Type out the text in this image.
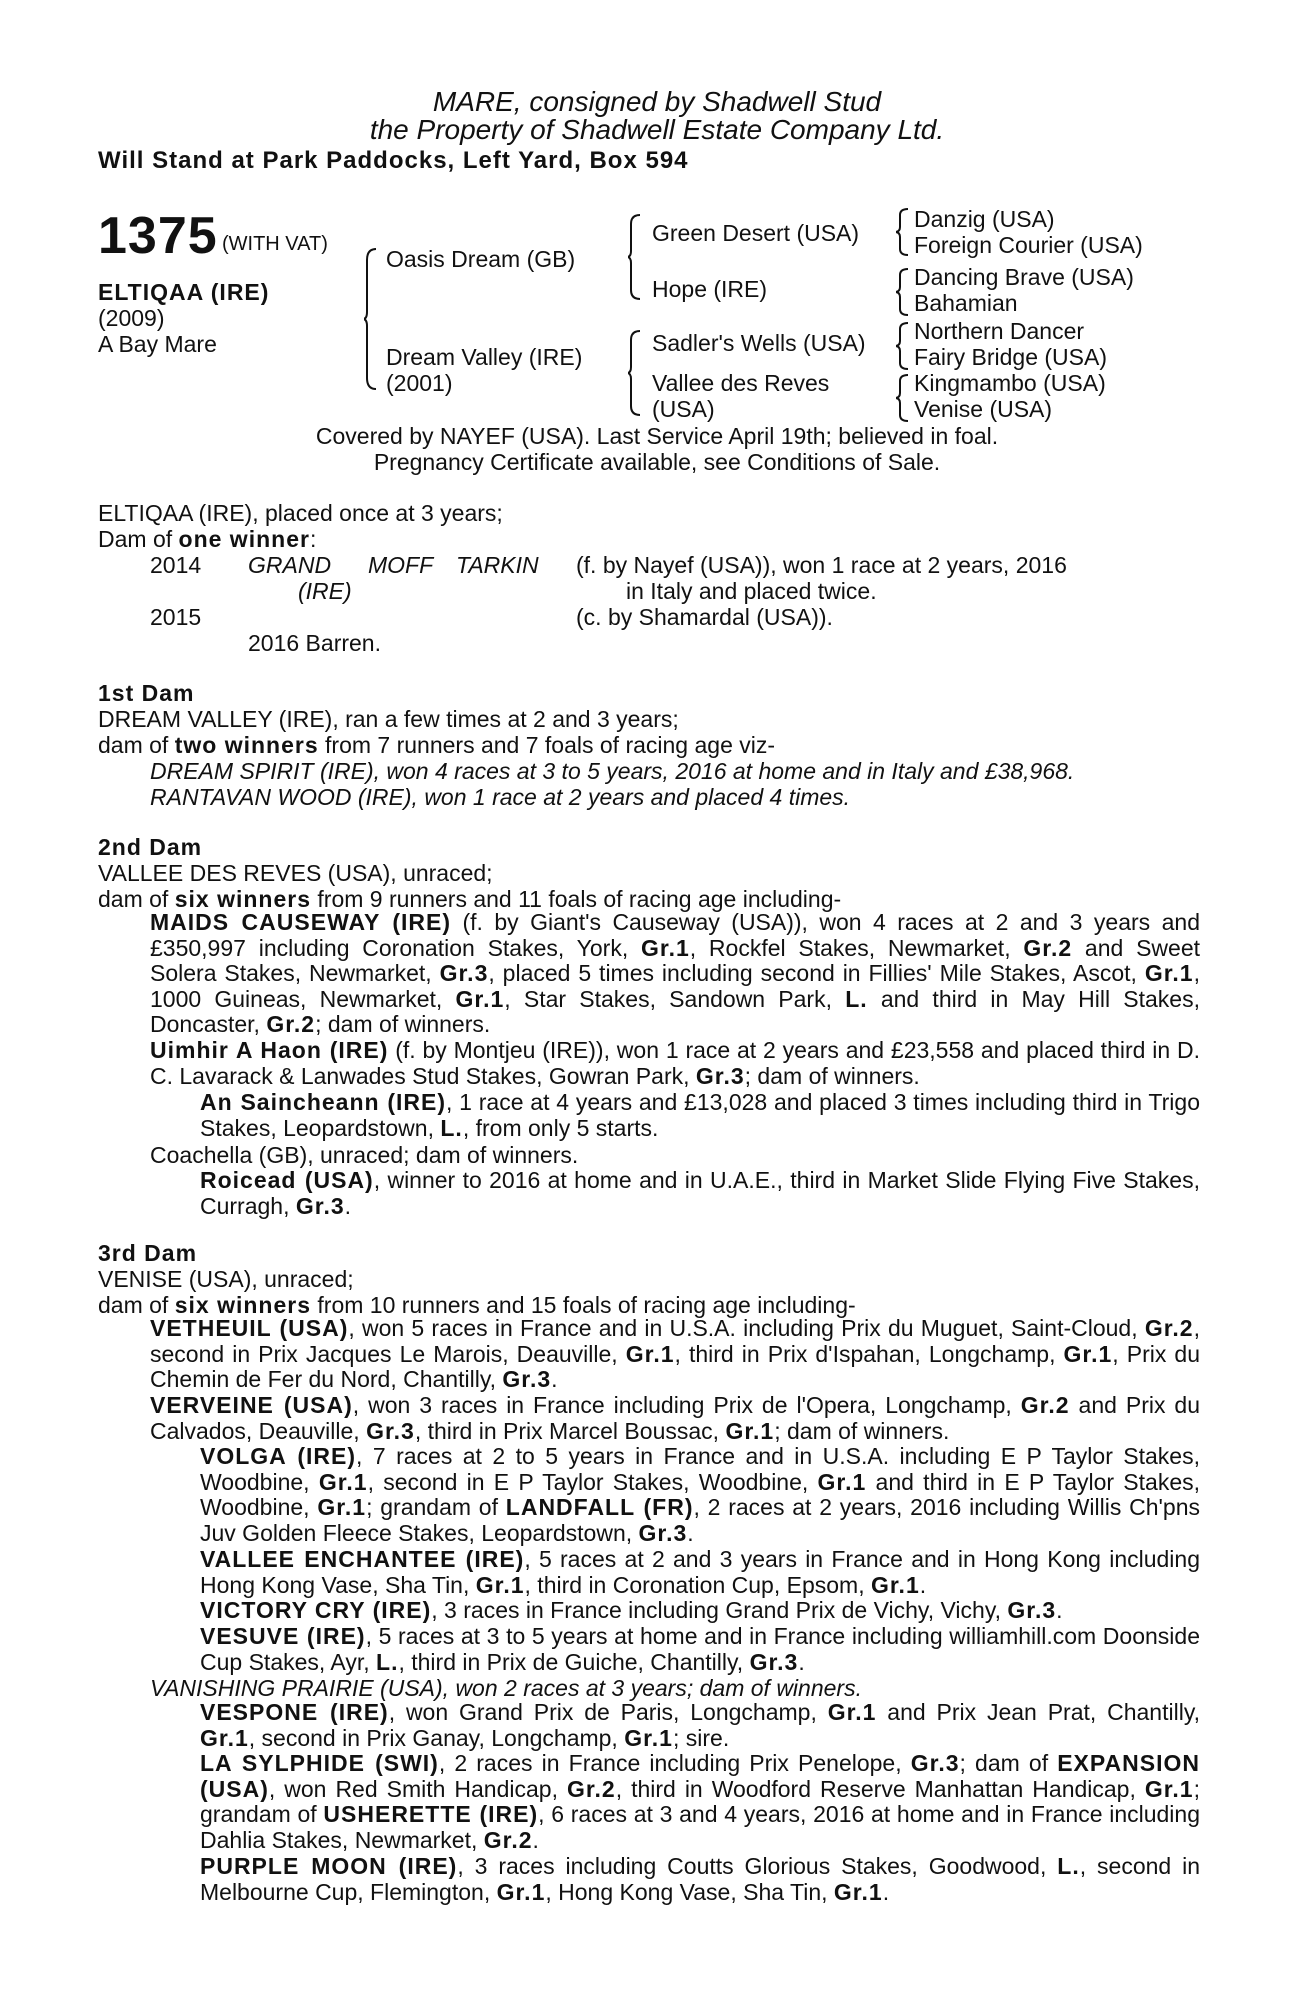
MARE, consigned by Shadwell Stud
the Property of Shadwell Estate Company Ltd.
Will Stand at Park Paddocks, Left Yard, Box 594
1375 (WITH VAT)
ELTIQAA (IRE)
(2009)
A Bay Mare
Oasis Dream (GB)
Dream Valley (IRE)
(2001)
Green Desert (USA)
Hope (IRE)
Sadler's Wells (USA)
Vallee des Reves
(USA)
Danzig (USA)
Foreign Courier (USA)
Dancing Brave (USA)
Bahamian
Northern Dancer
Fairy Bridge (USA)
Kingmambo (USA)
Venise (USA)
Covered by NAYEF (USA). Last Service April 19th; believed in foal.
Pregnancy Certificate available, see Conditions of Sale.
ELTIQAA (IRE), placed once at 3 years;
Dam of one winner:
2014 GRAND MOFF TARKIN
(IRE)
(f. by Nayef (USA)), won 1 race at 2 years, 2016
in Italy and placed twice.
2015	(c. by Shamardal (USA)).
2016 Barren.
1st Dam
DREAM VALLEY (IRE), ran a few times at 2 and 3 years;
dam of two winners from 7 runners and 7 foals of racing age viz-
DREAM SPIRIT (IRE), won 4 races at 3 to 5 years, 2016 at home and in Italy and £38,968.
RANTAVAN WOOD (IRE), won 1 race at 2 years and placed 4 times.
2nd Dam
VALLEE DES REVES (USA), unraced;
dam of six winners from 9 runners and 11 foals of racing age including-
MAIDS CAUSEWAY (IRE) (f. by Giant's Causeway (USA)), won 4 races at 2 and 3 years and £350,997 including Coronation Stakes, York, Gr.1, Rockfel Stakes, Newmarket, Gr.2 and Sweet Solera Stakes, Newmarket, Gr.3, placed 5 times including second in Fillies' Mile Stakes, Ascot, Gr.1, 1000 Guineas, Newmarket, Gr.1, Star Stakes, Sandown Park, L. and third in May Hill Stakes, Doncaster, Gr.2; dam of winners.
Uimhir A Haon (IRE) (f. by Montjeu (IRE)), won 1 race at 2 years and £23,558 and placed third in D. C. Lavarack & Lanwades Stud Stakes, Gowran Park, Gr.3; dam of winners.
An Saincheann (IRE), 1 race at 4 years and £13,028 and placed 3 times including third in Trigo Stakes, Leopardstown, L., from only 5 starts.
Coachella (GB), unraced; dam of winners.
Roicead (USA), winner to 2016 at home and in U.A.E., third in Market Slide Flying Five Stakes, Curragh, Gr.3.
3rd Dam
VENISE (USA), unraced;
dam of six winners from 10 runners and 15 foals of racing age including-
VETHEUIL (USA), won 5 races in France and in U.S.A. including Prix du Muguet, Saint-Cloud, Gr.2, second in Prix Jacques Le Marois, Deauville, Gr.1, third in Prix d'Ispahan, Longchamp, Gr.1, Prix du Chemin de Fer du Nord, Chantilly, Gr.3.
VERVEINE (USA), won 3 races in France including Prix de l'Opera, Longchamp, Gr.2 and Prix du Calvados, Deauville, Gr.3, third in Prix Marcel Boussac, Gr.1; dam of winners.
VOLGA (IRE), 7 races at 2 to 5 years in France and in U.S.A. including E P Taylor Stakes, Woodbine, Gr.1, second in E P Taylor Stakes, Woodbine, Gr.1 and third in E P Taylor Stakes, Woodbine, Gr.1; grandam of LANDFALL (FR), 2 races at 2 years, 2016 including Willis Ch'pns Juv Golden Fleece Stakes, Leopardstown, Gr.3.
VALLEE ENCHANTEE (IRE), 5 races at 2 and 3 years in France and in Hong Kong including Hong Kong Vase, Sha Tin, Gr.1, third in Coronation Cup, Epsom, Gr.1.
VICTORY CRY (IRE), 3 races in France including Grand Prix de Vichy, Vichy, Gr.3.
VESUVE (IRE), 5 races at 3 to 5 years at home and in France including williamhill.com Doonside Cup Stakes, Ayr, L., third in Prix de Guiche, Chantilly, Gr.3.
VANISHING PRAIRIE (USA), won 2 races at 3 years; dam of winners.
VESPONE (IRE), won Grand Prix de Paris, Longchamp, Gr.1 and Prix Jean Prat, Chantilly, Gr.1, second in Prix Ganay, Longchamp, Gr.1; sire.
LA SYLPHIDE (SWI), 2 races in France including Prix Penelope, Gr.3; dam of EXPANSION (USA), won Red Smith Handicap, Gr.2, third in Woodford Reserve Manhattan Handicap, Gr.1; grandam of USHERETTE (IRE), 6 races at 3 and 4 years, 2016 at home and in France including Dahlia Stakes, Newmarket, Gr.2.
PURPLE MOON (IRE), 3 races including Coutts Glorious Stakes, Goodwood, L., second in Melbourne Cup, Flemington, Gr.1, Hong Kong Vase, Sha Tin, Gr.1.
